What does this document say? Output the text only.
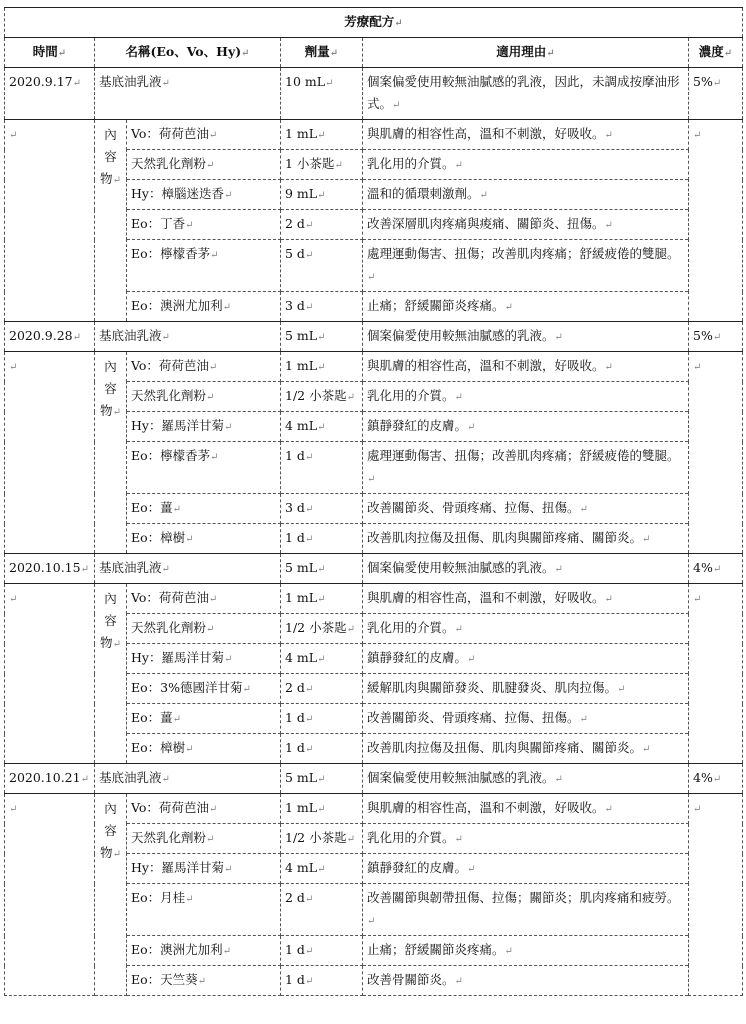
芳療配方↵					
時間↵	名稱(Eo、Vo、Hy)↵		劑量↵	適用理由↵	濃度↵
2020.9.17↵	基底油乳液↵		10 mL↵	個案偏愛使用較無油膩感的乳液，因此，未調成按摩油形式。↵	5%↵
↵	內容物↵	Vo：荷荷芭油↵	1 mL↵	與肌膚的相容性高，溫和不刺激，好吸收。↵	↵
		天然乳化劑粉↵	1 小茶匙↵	乳化用的介質。↵	
		Hy：樟腦迷迭香↵	9 mL↵	溫和的循環刺激劑。↵	
		Eo：丁香↵	2 d↵	改善深層肌肉疼痛與痠痛、關節炎、扭傷。↵	
		Eo：檸檬香茅↵	5 d↵	處理運動傷害、扭傷；改善肌肉疼痛；舒緩疲倦的雙腿。↵	
		Eo：澳洲尤加利↵	3 d↵	止痛；舒緩關節炎疼痛。↵	
2020.9.28↵	基底油乳液↵		5 mL↵	個案偏愛使用較無油膩感的乳液。↵	5%↵
↵	內容物↵	Vo：荷荷芭油↵	1 mL↵	與肌膚的相容性高，溫和不刺激，好吸收。↵	↵
		天然乳化劑粉↵	1/2 小茶匙↵	乳化用的介質。↵	
		Hy：羅馬洋甘菊↵	4 mL↵	鎮靜發紅的皮膚。↵	
		Eo：檸檬香茅↵	1 d↵	處理運動傷害、扭傷；改善肌肉疼痛；舒緩疲倦的雙腿。↵	
		Eo：薑↵	3 d↵	改善關節炎、骨頭疼痛、拉傷、扭傷。↵	
		Eo：樟樹↵	1 d↵	改善肌肉拉傷及扭傷、肌肉與關節疼痛、關節炎。↵	
2020.10.15↵	基底油乳液↵		5 mL↵	個案偏愛使用較無油膩感的乳液。↵	4%↵
↵	內容物↵	Vo：荷荷芭油↵	1 mL↵	與肌膚的相容性高，溫和不刺激，好吸收。↵	↵
		天然乳化劑粉↵	1/2 小茶匙↵	乳化用的介質。↵	
		Hy：羅馬洋甘菊↵	4 mL↵	鎮靜發紅的皮膚。↵	
		Eo：3%德國洋甘菊↵	2 d↵	緩解肌肉與關節發炎、肌腱發炎、肌肉拉傷。↵	
		Eo：薑↵	1 d↵	改善關節炎、骨頭疼痛、拉傷、扭傷。↵	
		Eo：樟樹↵	1 d↵	改善肌肉拉傷及扭傷、肌肉與關節疼痛、關節炎。↵	
2020.10.21↵	基底油乳液↵		5 mL↵	個案偏愛使用較無油膩感的乳液。↵	4%↵
↵	內容物↵	Vo：荷荷芭油↵	1 mL↵	與肌膚的相容性高，溫和不刺激，好吸收。↵	↵
		天然乳化劑粉↵	1/2 小茶匙↵	乳化用的介質。↵	
		Hy：羅馬洋甘菊↵	4 mL↵	鎮靜發紅的皮膚。↵	
		Eo：月桂↵	2 d↵	改善關節與韌帶扭傷、拉傷；關節炎；肌肉疼痛和疲勞。↵	
		Eo：澳洲尤加利↵	1 d↵	止痛；舒緩關節炎疼痛。↵	
		Eo：天竺葵↵	1 d↵	改善骨關節炎。↵	
